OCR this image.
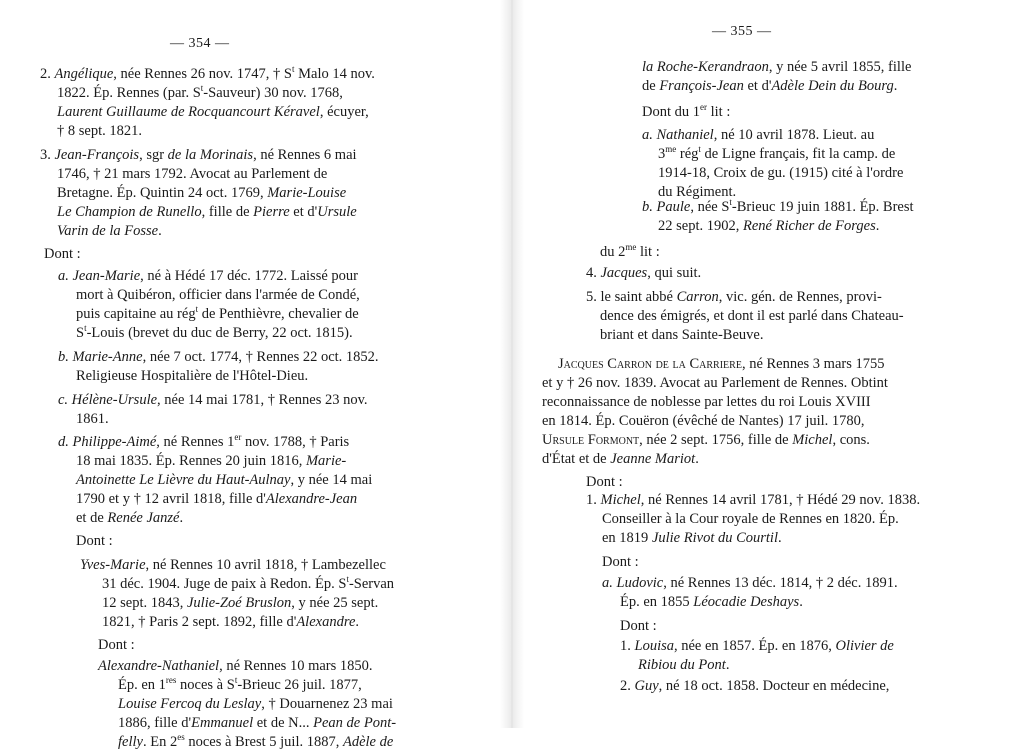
— 354 —
2. Angélique, née Rennes 26 nov. 1747, † $S^t$ Malo 14 nov.
1822. Ép. Rennes (par. $S^t-Sauveur$) 30 nov. 1768,
Laurent Guillaume de Rocquancourt Kéravel, écuyer,
† 8 sept. 1821.
3. Jean-François, sgr de la Morinais, né Rennes 6 mai
1746, † 21 mars 1792. Avocat au Parlement de
Bretagne. Ép. Quintin 24 oct. 1769, Marie-Louise
Le Champion de Runello, fille de Pierre et d'Ursule
Varin de la Fosse.
Dont :
a. Jean-Marie, né à Hédé 17 déc. 1772. Laissé pour
mort à Quibéron, officier dans l'armée de Condé,
puis capitaine au rég$^t$ de Penthièvre, chevalier de
$S^t$-Louis (brevet du duc de Berry, 22 oct. 1815).
b. Marie-Anne, née 7 oct. 1774, † Rennes 22 oct. 1852.
Religieuse Hospitalière de l'Hôtel-Dieu.
c. Hélène-Ursule, née 14 mai 1781, † Rennes 23 nov.
1861.
d. Philippe-Aimé, né Rennes 1er nov. 1788, † Paris
18 mai 1835. Ép. Rennes 20 juin 1816, Marie-
Antoinette Le Lièvre du Haut-Aulnay, y née 14 mai
1790 et y † 12 avril 1818, fille d'Alexandre-Jean
et de Renée Janzé.
Dont :
Yves-Marie, né Rennes 10 avril 1818, † Lambezellec
31 déc. 1904. Juge de paix à Redon. Ép. $S^t$-Servan
12 sept. 1843, Julie-Zoé Bruslon, y née 25 sept.
1821, † Paris 2 sept. 1892, fille d'Alexandre.
Dont :
Alexandre-Nathaniel, né Rennes 10 mars 1850.
Ép. en 1res noces à $S^t$-Brieuc 26 juil. 1877,
Louise Fercoq du Leslay, † Douarnenez 23 mai
1886, fille d'Emmanuel et de N... Pean de Pont-
felly. En $2^{es}$ noces à Brest 5 juil. 1887, Adèle de
— 355 —
la Roche-Kerandraon, y née 5 avril 1855, fille
de François-Jean et d'Adèle Dein du Bourg.
Dont du 1er lit :
a. Nathaniel, né 10 avril 1878. Lieut. au
$3^{me}$ rég$^t$ de Ligne français, fit la camp. de
1914-18, Croix de gu. (1915) cité à l'ordre
du Régiment.
b. Paule, née $S^t$-Brieuc 19 juin 1881. Ép. Brest
22 sept. 1902, René Richer de Forges.
du $2^{me}$ lit :
4. Jacques, qui suit.
5. le saint abbé Carron, vic. gén. de Rennes, provi-
dence des émigrés, et dont il est parlé dans Chateau-
briant et dans Sainte-Beuve.
Jacques Carron de la Carriere, né Rennes 3 mars 1755
et y † 26 nov. 1839. Avocat au Parlement de Rennes. Obtint
reconnaissance de noblesse par lettes du roi Louis XVIII
en 1814. Ép. Couëron (évêché de Nantes) 17 juil. 1780,
Ursule Formont, née 2 sept. 1756, fille de Michel, cons.
d'État et de Jeanne Mariot.
Dont :
1. Michel, né Rennes 14 avril 1781, † Hédé 29 nov. 1838.
Conseiller à la Cour royale de Rennes en 1820. Ép.
en 1819 Julie Rivot du Courtil.
Dont :
a. Ludovic, né Rennes 13 déc. 1814, † 2 déc. 1891.
Ép. en 1855 Léocadie Deshays.
Dont :
1. Louisa, née en 1857. Ép. en 1876, Olivier de
Ribiou du Pont.
2. Guy, né 18 oct. 1858. Docteur en médecine,
